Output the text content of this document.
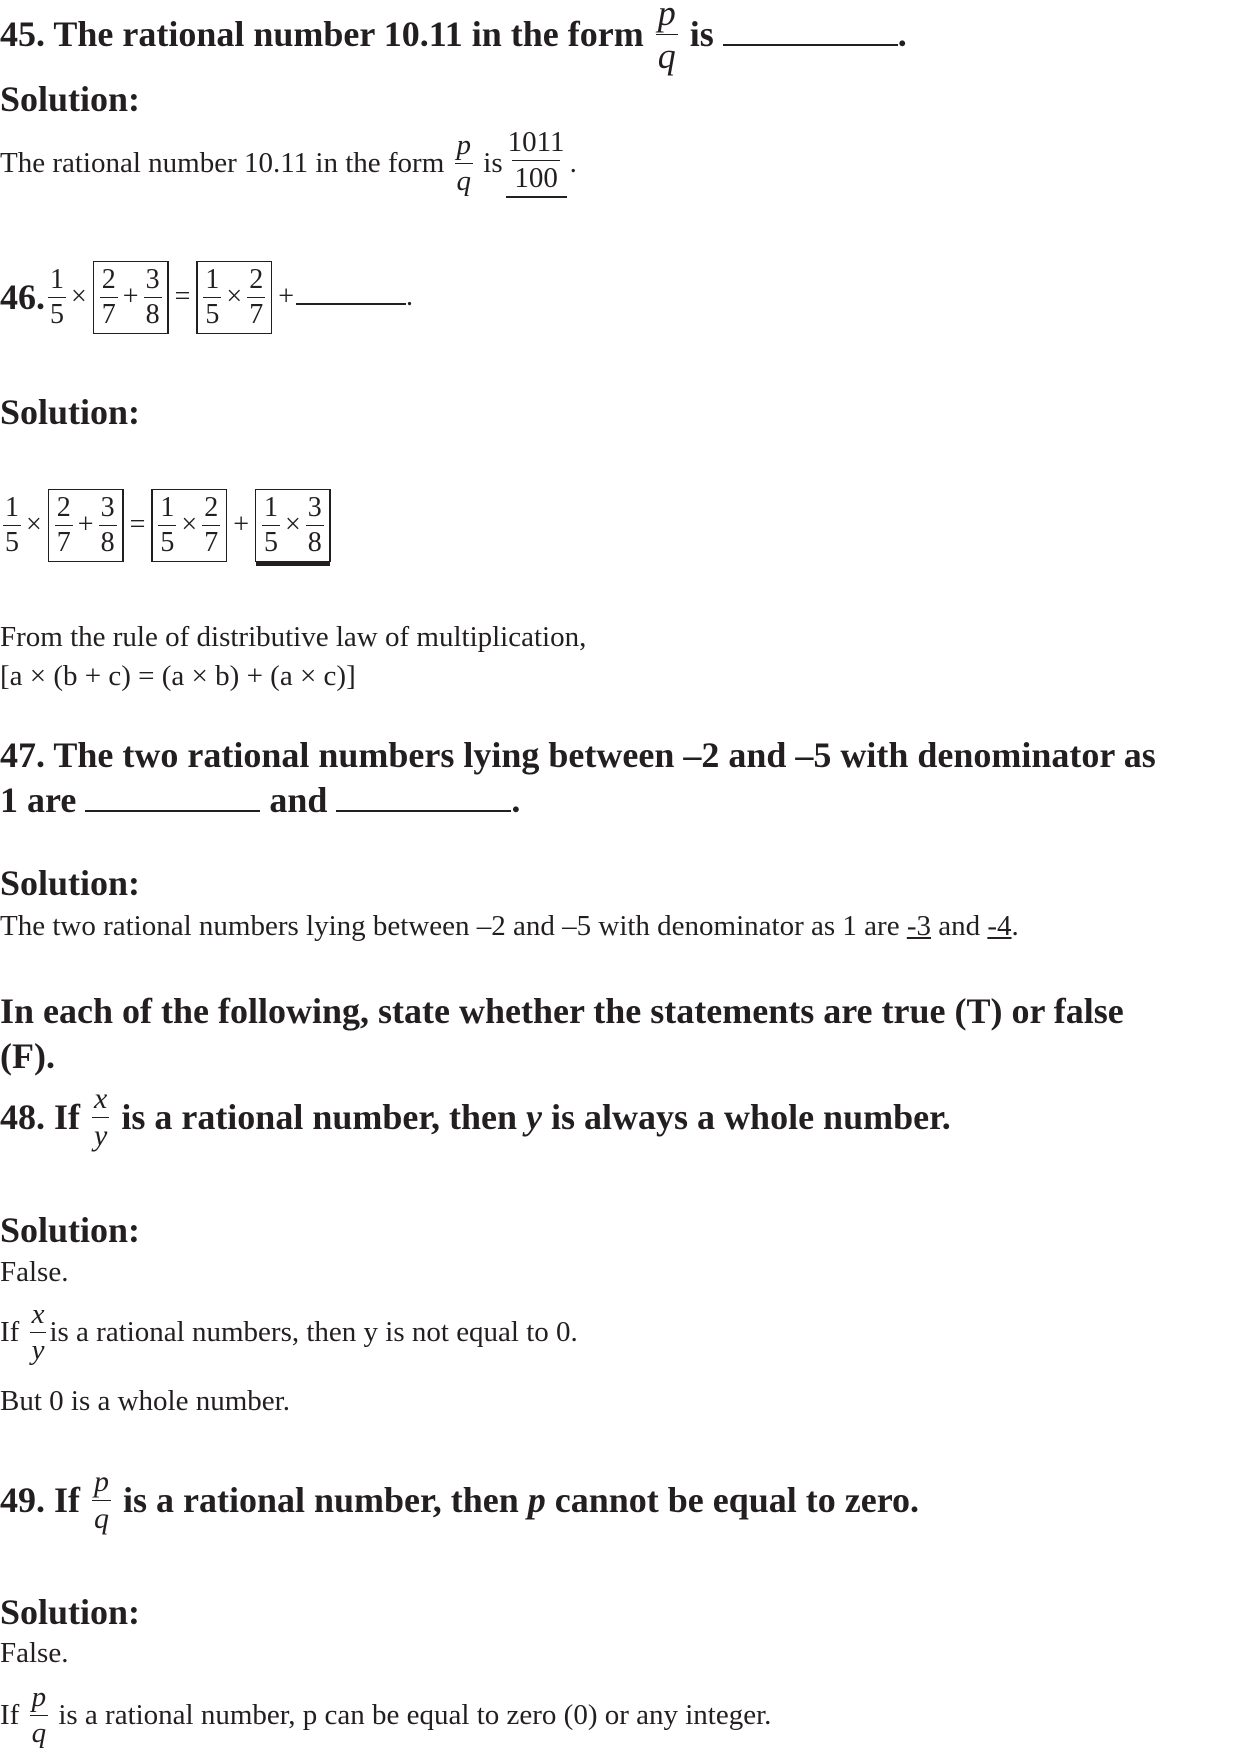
45. The rational number 10.11 in the form
$\frac{p}{q}$
is
	.
Solution:
The rational number 10.11 in the form
$\frac{p}{q}$
is $\frac{1011}{100}$ .
46. $\frac{1}{5} \times \frac{2}{7} + \frac{3}{8} = \frac{1}{5} \times \frac{2}{7}$ +	.
Solution:
$\frac{1}{5} \times \frac{2}{7} + \frac{3}{8} = \frac{1}{5} \times \frac{2}{7} + \frac{1}{5} \times \frac{3}{8}$
From the rule of distributive law of multiplication,
[a × (b + c) = (a × b) + (a × c)]
47. The two rational numbers lying between –2 and –5 with denominator as
1 are

	and
	.
Solution:
The two rational numbers lying between –2 and –5 with denominator as 1 are
-3
and
-4 .
In each of the following, state whether the statements are true (T) or false
(F).
48. If
$\frac{x}{y}$
is a rational number, then
y
is always a whole number.
Solution:
False.
If
$\frac{x}{y}$ is a rational numbers, then y is not equal to 0.
But 0 is a whole number.
49. If
$\frac{p}{q}$
is a rational number, then
p
cannot be equal to zero.
Solution:
False.
If
$\frac{p}{q}$
is a rational number, p can be equal to zero (0) or any integer.
